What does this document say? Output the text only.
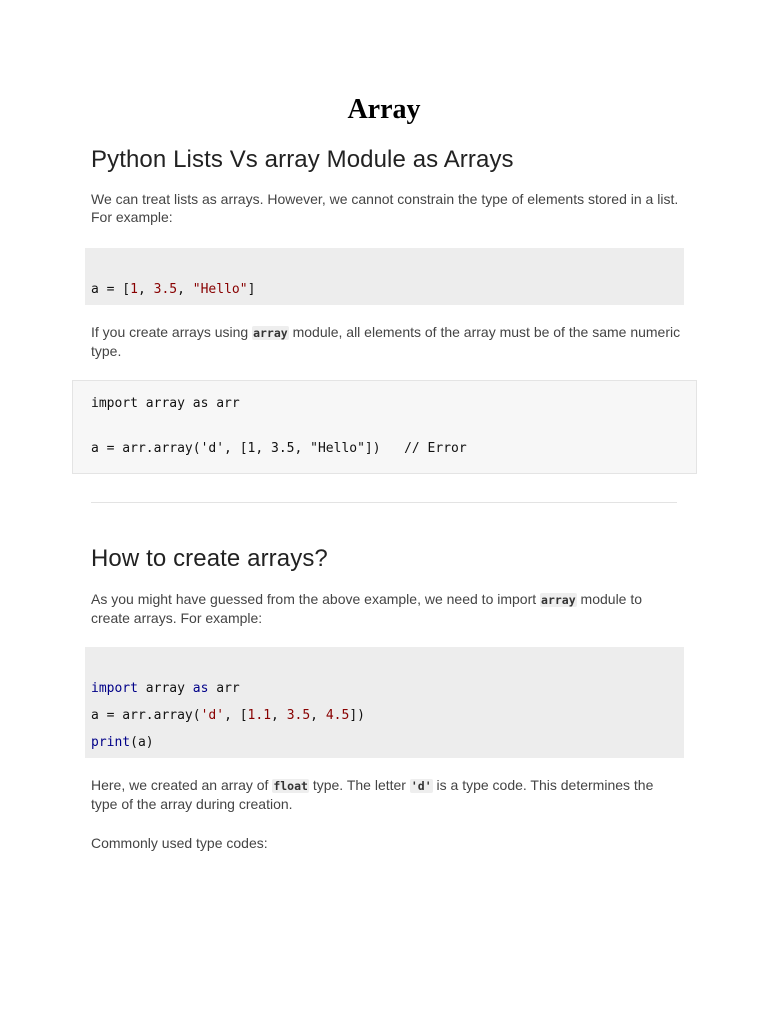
Array
Python Lists Vs array Module as Arrays

We can treat lists as arrays. However, we cannot constrain the type of elements stored in a list. For example:

a = [1, 3.5, "Hello"]

If you create arrays using array module, all elements of the array must be of the same numeric type.

import array as arr
a = arr.array('d', [1, 3.5, "Hello"])   // Error
How to create arrays?

As you might have guessed from the above example, we need to import array module to create arrays. For example:

import array as arr
a = arr.array('d', [1.1, 3.5, 4.5])
print(a)

Here, we created an array of float type. The letter 'd' is a type code. This determines the type of the array during creation.

Commonly used type codes:
